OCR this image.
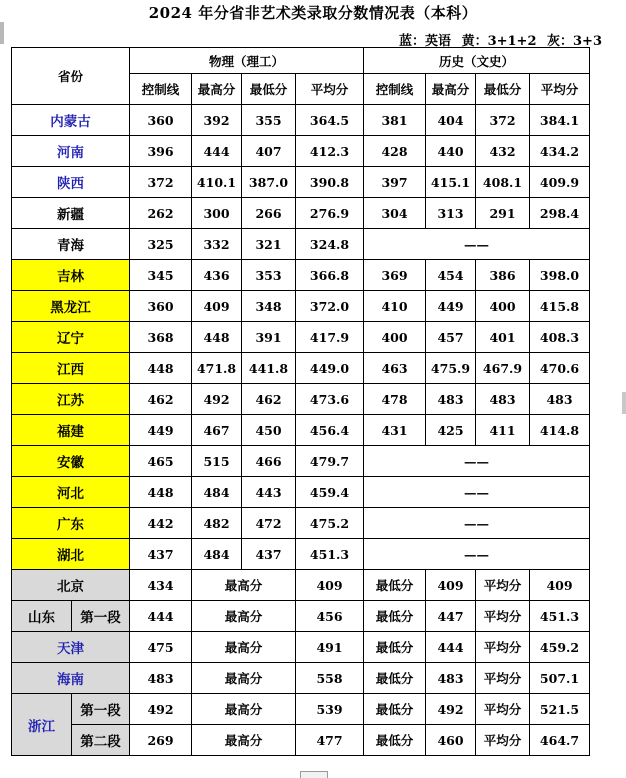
2024 年分省非艺术类录取分数情况表（本科）
蓝：英语 黄：3+1+2 灰：3+3
省份		物理（理工）				历史（文史）			
		控制线	最高分	最低分	平均分	控制线	最高分	最低分	平均分
内蒙古		360	392	355	364.5	381	404	372	384.1
河南		396	444	407	412.3	428	440	432	434.2
陕西		372	410.1	387.0	390.8	397	415.1	408.1	409.9
新疆		262	300	266	276.9	304	313	291	298.4
青海		325	332	321	324.8	——			
吉林		345	436	353	366.8	369	454	386	398.0
黑龙江		360	409	348	372.0	410	449	400	415.8
辽宁		368	448	391	417.9	400	457	401	408.3
江西		448	471.8	441.8	449.0	463	475.9	467.9	470.6
江苏		462	492	462	473.6	478	483	483	483
福建		449	467	450	456.4	431	425	411	414.8
安徽		465	515	466	479.7	——			
河北		448	484	443	459.4	——			
广东		442	482	472	475.2	——			
湖北		437	484	437	451.3	——			
北京		434	最高分		409	最低分	409	平均分	409
山东	第一段	444	最高分		456	最低分	447	平均分	451.3
天津		475	最高分		491	最低分	444	平均分	459.2
海南		483	最高分		558	最低分	483	平均分	507.1
浙江	第一段	492	最高分		539	最低分	492	平均分	521.5
	第二段	269	最高分		477	最低分	460	平均分	464.7
